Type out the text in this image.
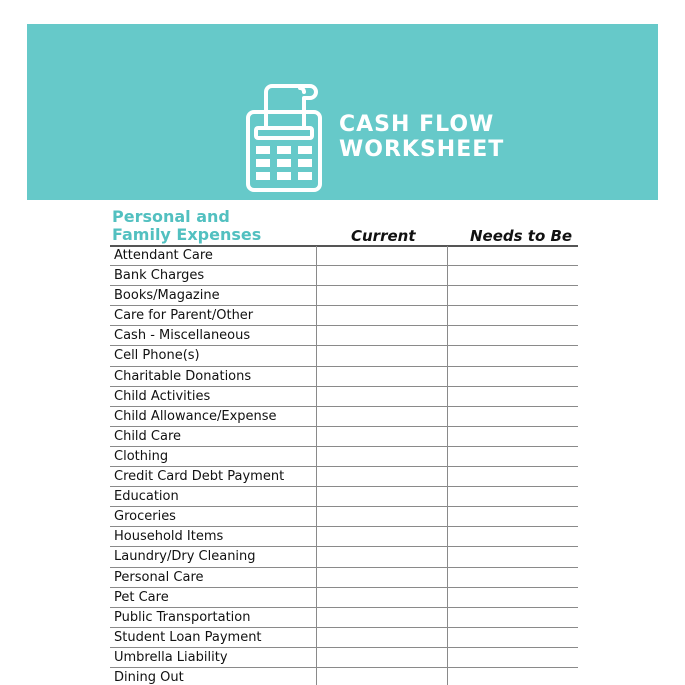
CASH FLOW
WORKSHEET
Personal and
Family Expenses	Current	Needs to Be
Attendant Care
Bank Charges
Books/Magazine
Care for Parent/Other
Cash - Miscellaneous
Cell Phone(s)
Charitable Donations
Child Activities
Child Allowance/Expense
Child Care
Clothing
Credit Card Debt Payment
Education
Groceries
Household Items
Laundry/Dry Cleaning
Personal Care
Pet Care
Public Transportation
Student Loan Payment
Umbrella Liability
Dining Out
